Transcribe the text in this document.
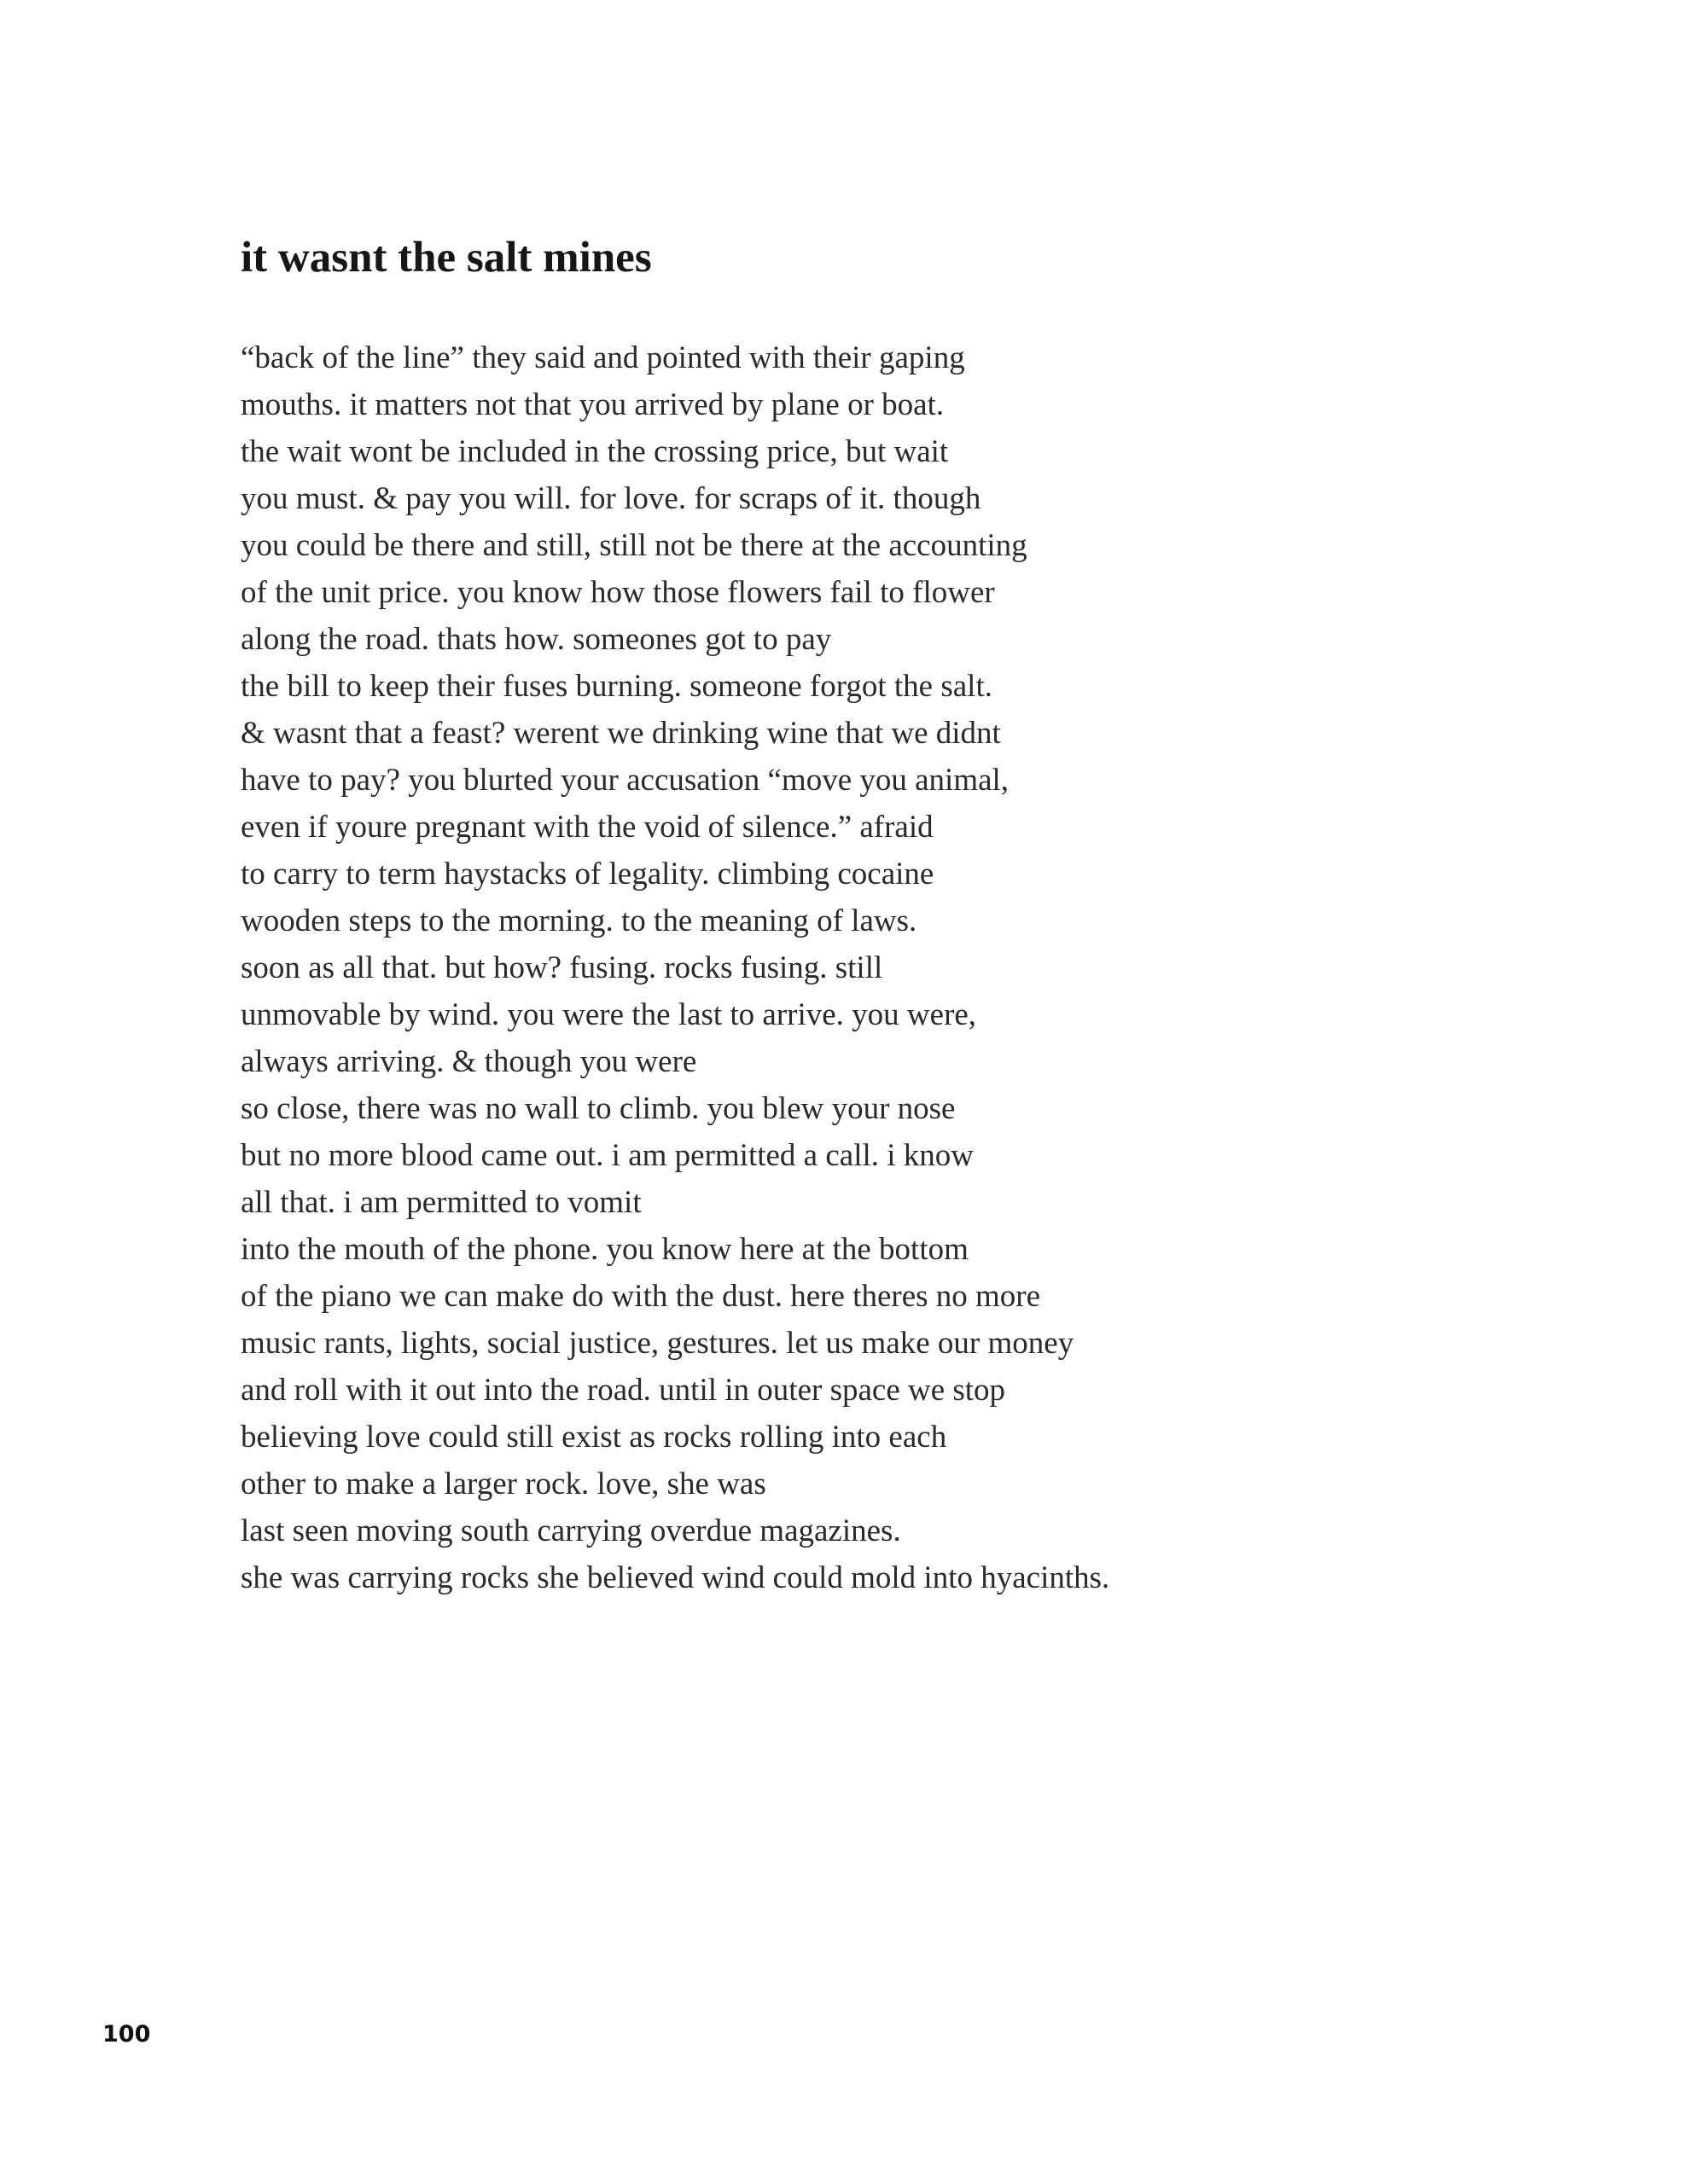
it wasnt the salt mines
“back of the line” they said and pointed with their gaping
mouths. it matters not that you arrived by plane or boat.
the wait wont be included in the crossing price, but wait
you must. & pay you will. for love. for scraps of it. though
you could be there and still, still not be there at the accounting
of the unit price. you know how those flowers fail to flower
along the road. thats how. someones got to pay
the bill to keep their fuses burning. someone forgot the salt.
& wasnt that a feast? werent we drinking wine that we didnt
have to pay? you blurted your accusation “move you animal,
even if youre pregnant with the void of silence.” afraid
to carry to term haystacks of legality. climbing cocaine
wooden steps to the morning. to the meaning of laws.
soon as all that. but how? fusing. rocks fusing. still
unmovable by wind. you were the last to arrive. you were,
always arriving. & though you were
so close, there was no wall to climb. you blew your nose
but no more blood came out. i am permitted a call. i know
all that. i am permitted to vomit
into the mouth of the phone. you know here at the bottom
of the piano we can make do with the dust. here theres no more
music rants, lights, social justice, gestures. let us make our money
and roll with it out into the road. until in outer space we stop
believing love could still exist as rocks rolling into each
other to make a larger rock. love, she was
last seen moving south carrying overdue magazines.
she was carrying rocks she believed wind could mold into hyacinths.

100
